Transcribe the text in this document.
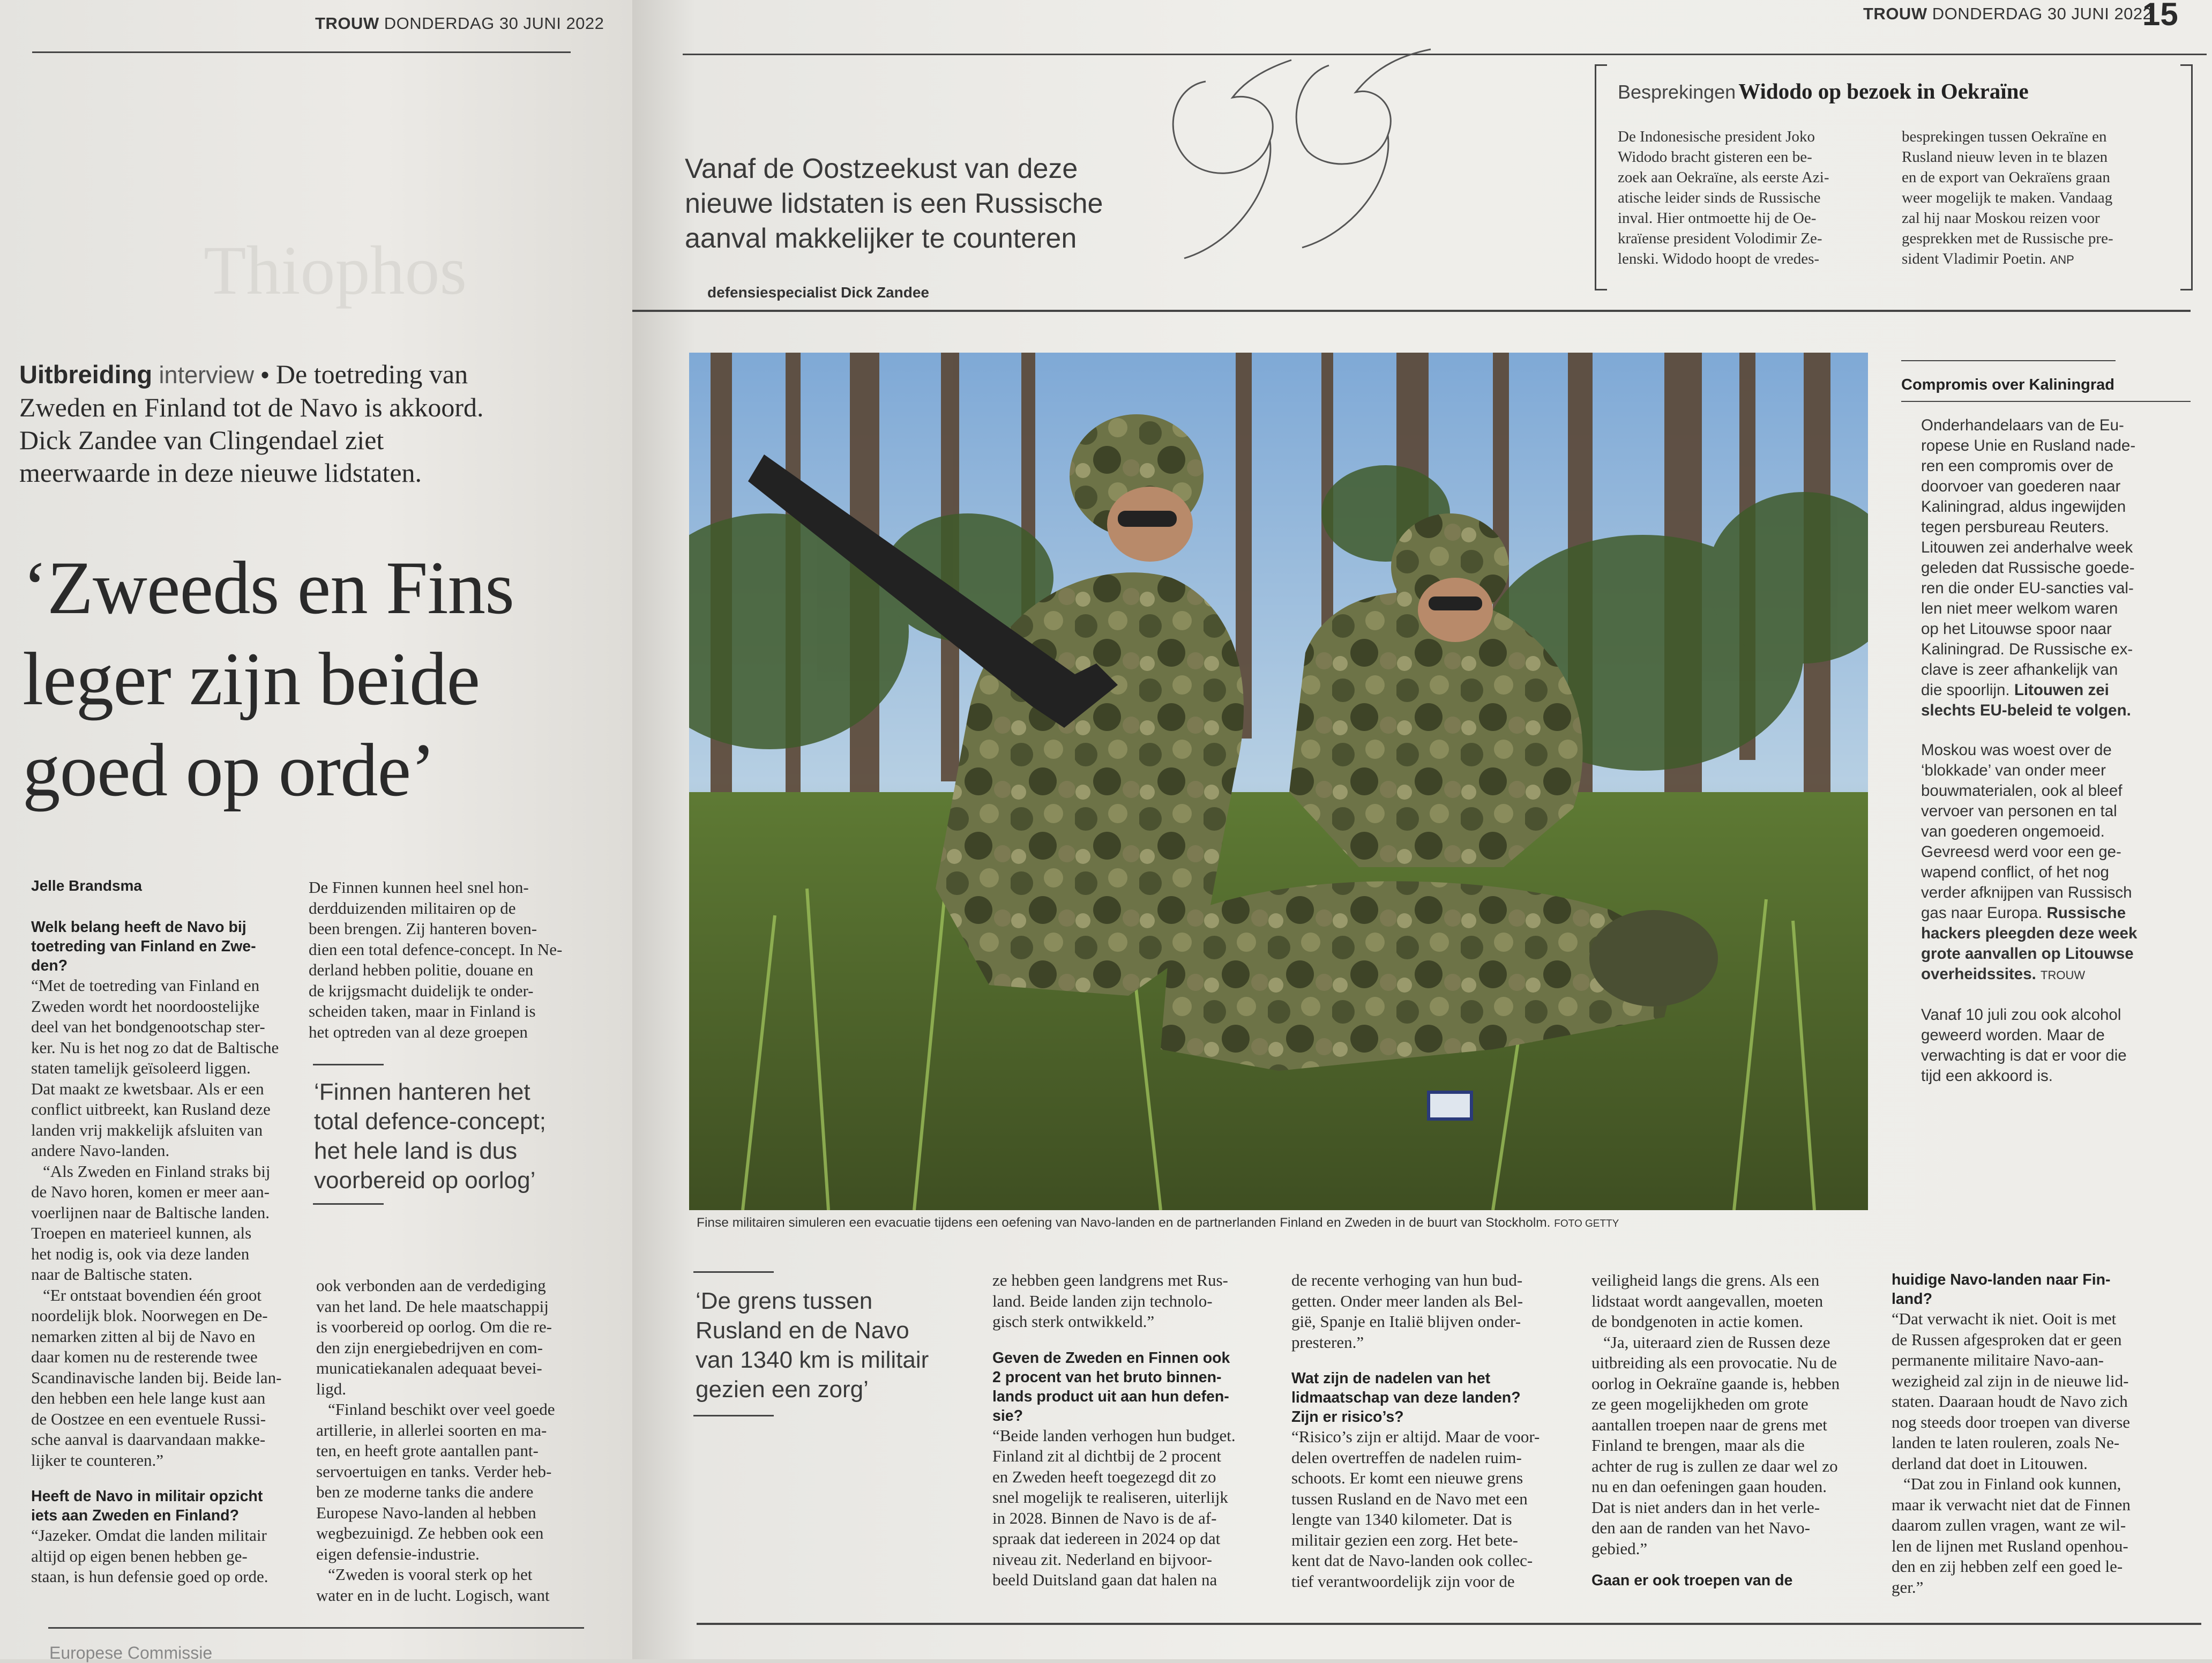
TROUW DONDERDAG 30 JUNI 2022
Thiophos
Europese Commissie
TROUW DONDERDAG 30 JUNI 2022
15
Vanaf de Oostzeekust van deze
nieuwe lidstaten is een Russische
aanval makkelijker te counteren
defensiespecialist Dick Zandee
Besprekingen Widodo op bezoek in Oekraïne
De Indonesische president Joko
Widodo bracht gisteren een be-
zoek aan Oekraïne, als eerste Azi-
atische leider sinds de Russische
inval. Hier ontmoette hij de Oe-
kraïense president Volodimir Ze-
lenski. Widodo hoopt de vredes-
besprekingen tussen Oekraïne en
Rusland nieuw leven in te blazen
en de export van Oekraïens graan
weer mogelijk te maken. Vandaag
zal hij naar Moskou reizen voor
gesprekken met de Russische pre-
sident Vladimir Poetin. ANP
Finse militairen simuleren een evacuatie tijdens een oefening van Navo-landen en de partnerlanden Finland en Zweden in de buurt van Stockholm. FOTO GETTY
Compromis over Kaliningrad
Onderhandelaars van de Eu-
ropese Unie en Rusland nade-
ren een compromis over de
doorvoer van goederen naar
Kaliningrad, aldus ingewijden
tegen persbureau Reuters.
Litouwen zei anderhalve week
geleden dat Russische goede-
ren die onder EU-sancties val-
len niet meer welkom waren
op het Litouwse spoor naar
Kaliningrad. De Russische ex-
clave is zeer afhankelijk van
die spoorlijn. Litouwen zei
slechts EU-beleid te volgen.
Moskou was woest over de
‘blokkade’ van onder meer
bouwmaterialen, ook al bleef
vervoer van personen en tal
van goederen ongemoeid.
Gevreesd werd voor een ge-
wapend conflict, of het nog
verder afknijpen van Russisch
gas naar Europa. Russische
hackers pleegden deze week
grote aanvallen op Litouwse
overheidssites. TROUW
Vanaf 10 juli zou ook alcohol
geweerd worden. Maar de
verwachting is dat er voor die
tijd een akkoord is.
Uitbreiding interview • De toetreding van
Zweden en Finland tot de Navo is akkoord.
Dick Zandee van Clingendael ziet
meerwaarde in deze nieuwe lidstaten.
‘Zweeds en Fins
leger zijn beide
goed op orde’
Jelle Brandsma
Welk belang heeft de Navo bij
toetreding van Finland en Zwe-
den?
“Met de toetreding van Finland en
Zweden wordt het noordoostelijke
deel van het bondgenootschap ster-
ker. Nu is het nog zo dat de Baltische
staten tamelijk geïsoleerd liggen.
Dat maakt ze kwetsbaar. Als er een
conflict uitbreekt, kan Rusland deze
landen vrij makkelijk afsluiten van
andere Navo-landen.
“Als Zweden en Finland straks bij
de Navo horen, komen er meer aan-
voerlijnen naar de Baltische landen.
Troepen en materieel kunnen, als
het nodig is, ook via deze landen
naar de Baltische staten.
“Er ontstaat bovendien één groot
noordelijk blok. Noorwegen en De-
nemarken zitten al bij de Navo en
daar komen nu de resterende twee
Scandinavische landen bij. Beide lan-
den hebben een hele lange kust aan
de Oostzee en een eventuele Russi-
sche aanval is daarvandaan makke-
lijker te counteren.”
Heeft de Navo in militair opzicht
iets aan Zweden en Finland?
“Jazeker. Omdat die landen militair
altijd op eigen benen hebben ge-
staan, is hun defensie goed op orde.
De Finnen kunnen heel snel hon-
derdduizenden militairen op de
been brengen. Zij hanteren boven-
dien een total defence-concept. In Ne-
derland hebben politie, douane en
de krijgsmacht duidelijk te onder-
scheiden taken, maar in Finland is
het optreden van al deze groepen
‘Finnen hanteren het
total defence-concept;
het hele land is dus
voorbereid op oorlog’
ook verbonden aan de verdediging
van het land. De hele maatschappij
is voorbereid op oorlog. Om die re-
den zijn energiebedrijven en com-
municatiekanalen adequaat bevei-
ligd.
“Finland beschikt over veel goede
artillerie, in allerlei soorten en ma-
ten, en heeft grote aantallen pant-
servoertuigen en tanks. Verder heb-
ben ze moderne tanks die andere
Europese Navo-landen al hebben
wegbezuinigd. Ze hebben ook een
eigen defensie-industrie.
“Zweden is vooral sterk op het
water en in de lucht. Logisch, want
‘De grens tussen
Rusland en de Navo
van 1340 km is militair
gezien een zorg’
ze hebben geen landgrens met Rus-
land. Beide landen zijn technolo-
gisch sterk ontwikkeld.”
Geven de Zweden en Finnen ook
2 procent van het bruto binnen-
lands product uit aan hun defen-
sie?
“Beide landen verhogen hun budget.
Finland zit al dichtbij de 2 procent
en Zweden heeft toegezegd dit zo
snel mogelijk te realiseren, uiterlijk
in 2028. Binnen de Navo is de af-
spraak dat iedereen in 2024 op dat
niveau zit. Nederland en bijvoor-
beeld Duitsland gaan dat halen na
de recente verhoging van hun bud-
getten. Onder meer landen als Bel-
gië, Spanje en Italië blijven onder-
presteren.”
Wat zijn de nadelen van het
lidmaatschap van deze landen?
Zijn er risico’s?
“Risico’s zijn er altijd. Maar de voor-
delen overtreffen de nadelen ruim-
schoots. Er komt een nieuwe grens
tussen Rusland en de Navo met een
lengte van 1340 kilometer. Dat is
militair gezien een zorg. Het bete-
kent dat de Navo-landen ook collec-
tief verantwoordelijk zijn voor de
veiligheid langs die grens. Als een
lidstaat wordt aangevallen, moeten
de bondgenoten in actie komen.
“Ja, uiteraard zien de Russen deze
uitbreiding als een provocatie. Nu de
oorlog in Oekraïne gaande is, hebben
ze geen mogelijkheden om grote
aantallen troepen naar de grens met
Finland te brengen, maar als die
achter de rug is zullen ze daar wel zo
nu en dan oefeningen gaan houden.
Dat is niet anders dan in het verle-
den aan de randen van het Navo-
gebied.”
Gaan er ook troepen van de
huidige Navo-landen naar Fin-
land?
“Dat verwacht ik niet. Ooit is met
de Russen afgesproken dat er geen
permanente militaire Navo-aan-
wezigheid zal zijn in de nieuwe lid-
staten. Daaraan houdt de Navo zich
nog steeds door troepen van diverse
landen te laten rouleren, zoals Ne-
derland dat doet in Litouwen.
“Dat zou in Finland ook kunnen,
maar ik verwacht niet dat de Finnen
daarom zullen vragen, want ze wil-
len de lijnen met Rusland openhou-
den en zij hebben zelf een goed le-
ger.”
